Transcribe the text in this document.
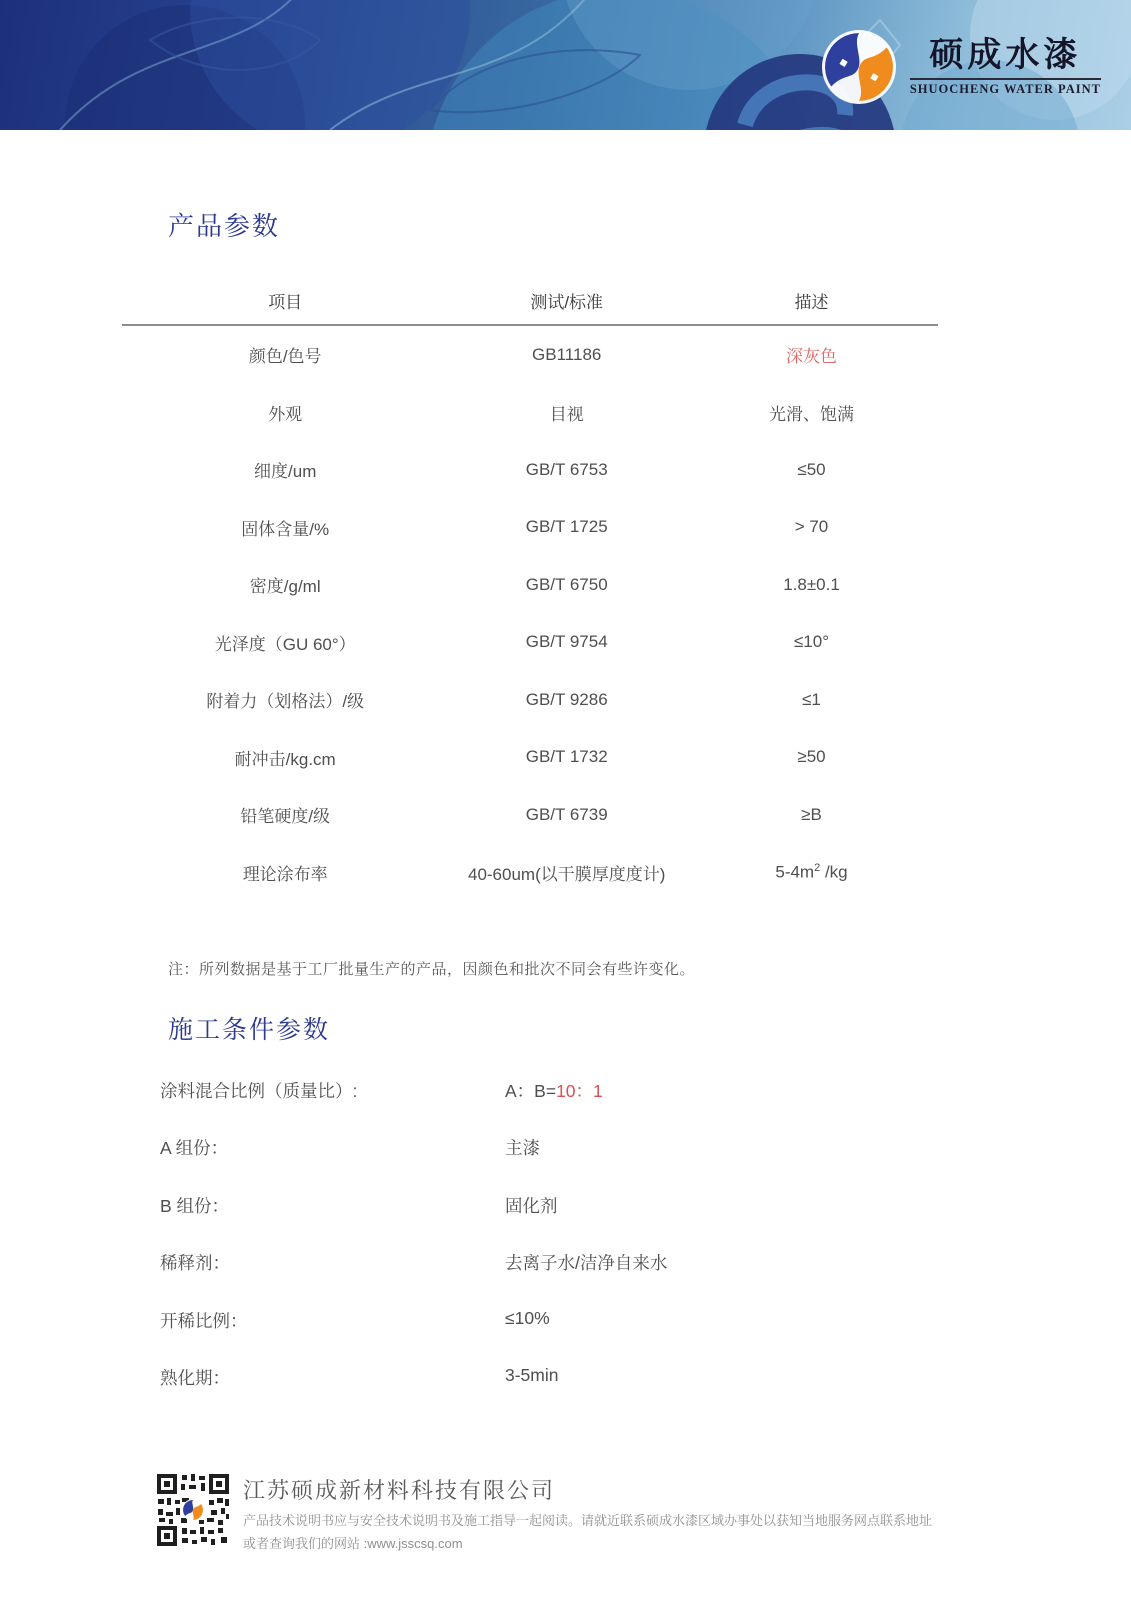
硕成水漆
SHUOCHENG WATER PAINT
产品参数
项目	测试/标准	描述
颜色/色号	GB11186	深灰色
外观	目视	光滑、饱满
细度/um	GB/T 6753	≤50
固体含量/%	GB/T 1725	> 70
密度/g/ml	GB/T 6750	1.8±0.1
光泽度（GU 60°）	GB/T 9754	≤10°
附着力（划格法）/级	GB/T 9286	≤1
耐冲击/kg.cm	GB/T 1732	≥50
铅笔硬度/级	GB/T 6739	≥B
理论涂布率	40-60um(以干膜厚度度计)	$5-4m^2$ /kg
注：所列数据是基于工厂批量生产的产品，因颜色和批次不同会有些许变化。
施工条件参数
涂料混合比例（质量比）:	A：B=10：1
A 组份：	主漆
B 组份：	固化剂
稀释剂：	去离子水/洁净自来水
开稀比例：	≤10%
熟化期：	3-5min
江苏硕成新材料科技有限公司
产品技术说明书应与安全技术说明书及施工指导一起阅读。请就近联系硕成水漆区域办事处以获知当地服务网点联系地址
或者查询我们的网站 :www.jsscsq.com
